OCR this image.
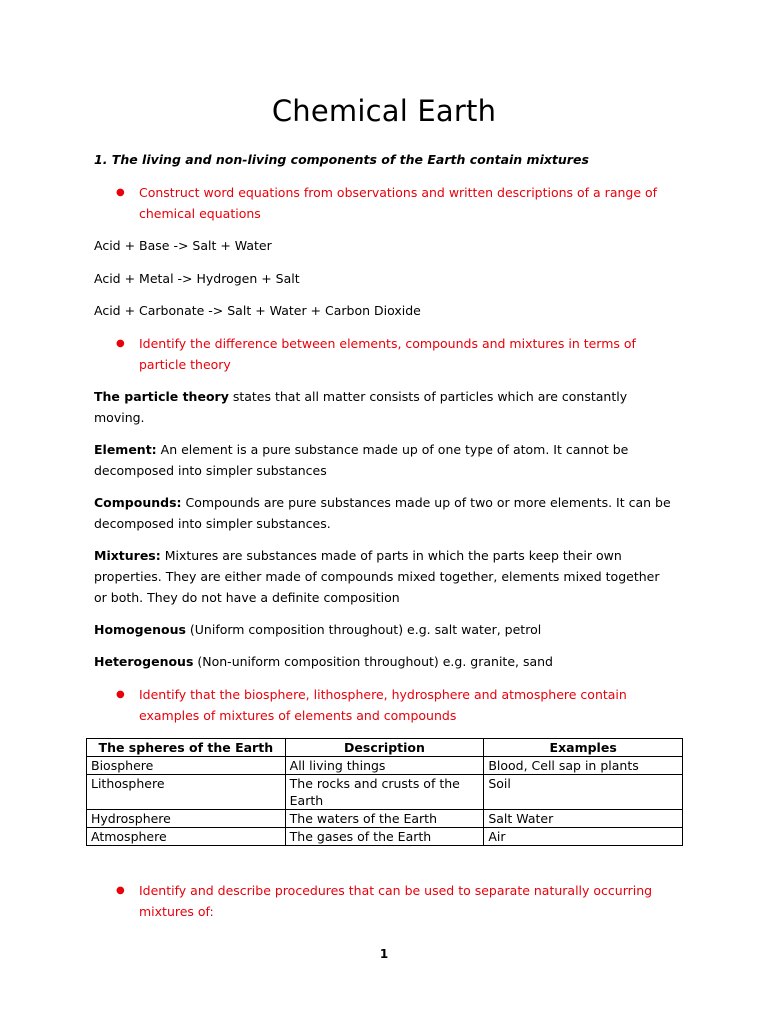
Chemical Earth
1. The living and non-living components of the Earth contain mixtures
●	Construct word equations from observations and written descriptions of a range of chemical equations
Acid + Base -> Salt + Water
Acid + Metal -> Hydrogen + Salt
Acid + Carbonate -> Salt + Water + Carbon Dioxide
●	Identify the difference between elements, compounds and mixtures in terms of particle theory
The particle theory states that all matter consists of particles which are constantly moving.
Element: An element is a pure substance made up of one type of atom. It cannot be decomposed into simpler substances
Compounds: Compounds are pure substances made up of two or more elements. It can be decomposed into simpler substances.
Mixtures: Mixtures are substances made of parts in which the parts keep their own properties. They are either made of compounds mixed together, elements mixed together or both. They do not have a definite composition
Homogenous (Uniform composition throughout) e.g. salt water, petrol
Heterogenous (Non-uniform composition throughout) e.g. granite, sand
●	Identify that the biosphere, lithosphere, hydrosphere and atmosphere contain examples of mixtures of elements and compounds
The spheres of the Earth	Description	Examples
Biosphere	All living things	Blood, Cell sap in plants
Lithosphere	The rocks and crusts of the Earth	Soil
Hydrosphere	The waters of the Earth	Salt Water
Atmosphere	The gases of the Earth	Air
●	Identify and describe procedures that can be used to separate naturally occurring mixtures of:
1
